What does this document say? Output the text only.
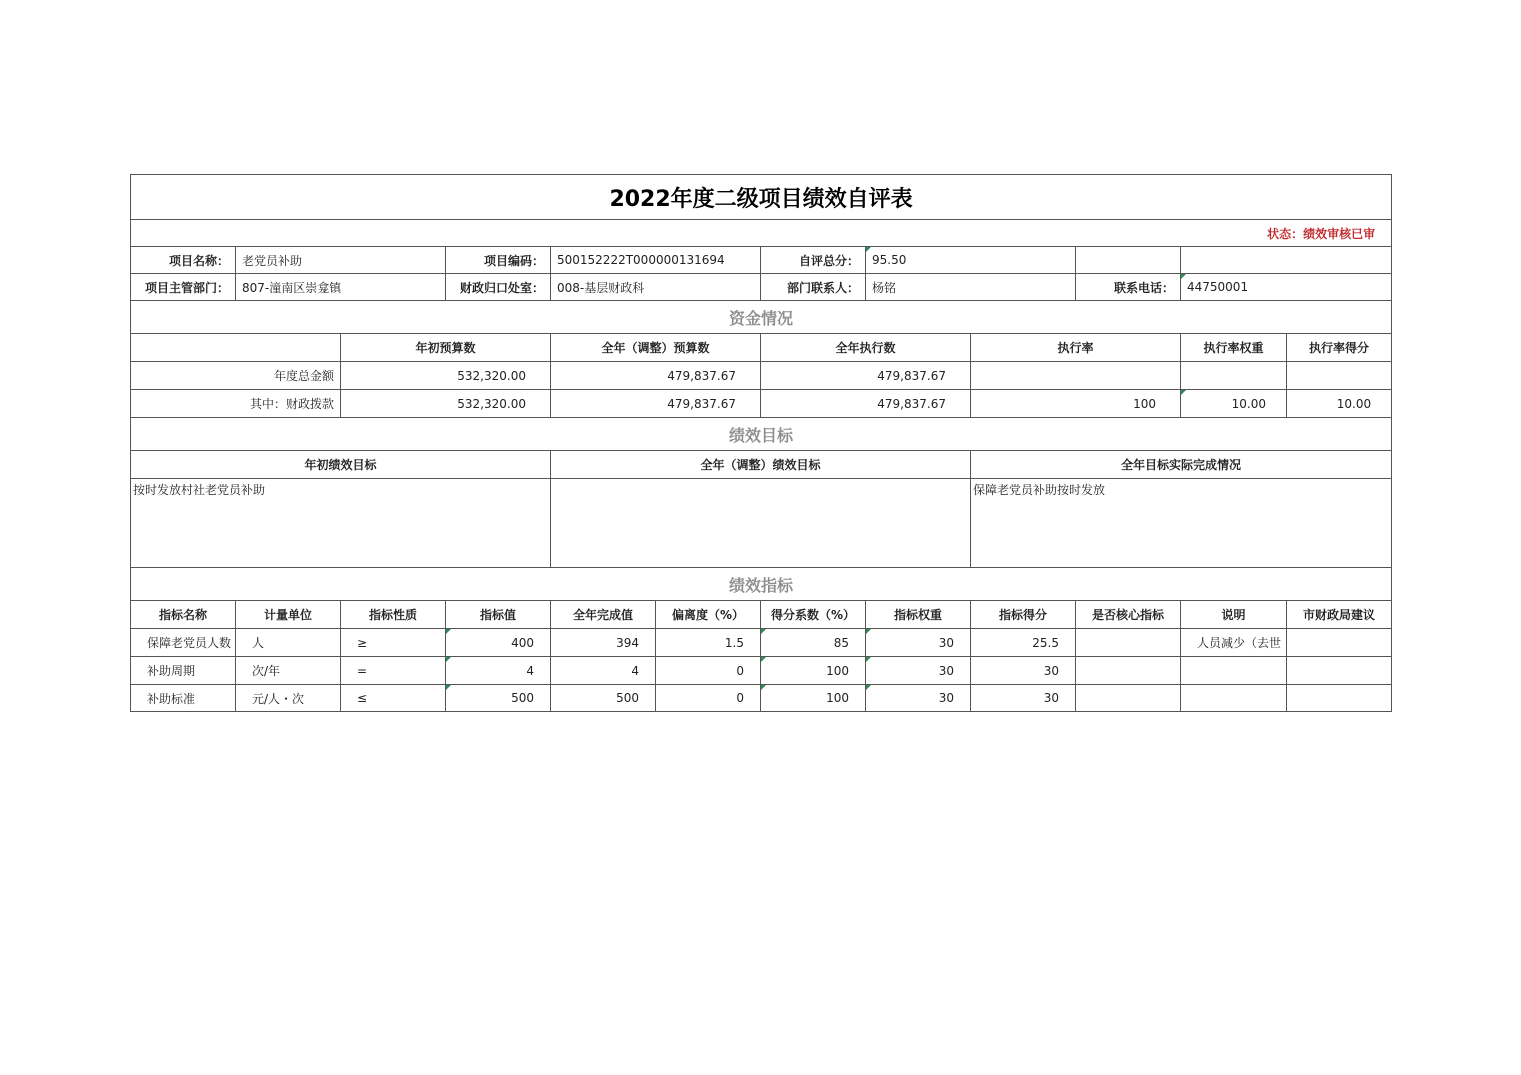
2022年度二级项目绩效自评表											
状态：绩效审核已审											
项目名称：	老党员补助		项目编码：	500152222T000000131694		自评总分：	95.50				
项目主管部门：	807-潼南区崇龛镇		财政归口处室：	008-基层财政科		部门联系人：	杨铭		联系电话：	44750001	
资金情况											
		年初预算数		全年（调整）预算数		全年执行数		执行率		执行率权重	执行率得分
年度总金额		532,320.00		479,837.67		479,837.67					
其中：财政拨款		532,320.00		479,837.67		479,837.67		100		10.00	10.00
绩效目标											
年初绩效目标				全年（调整）绩效目标				全年目标实际完成情况			
按时发放村社老党员补助								保障老党员补助按时发放			
绩效指标											
指标名称	计量单位	指标性质	指标值	全年完成值	偏离度（%）	得分系数（%）	指标权重	指标得分	是否核心指标	说明	市财政局建议
保障老党员人数	人	≥	400	394	1.5	85	30	25.5		人员减少（去世	
补助周期	次/年	=	4	4	0	100	30	30			
补助标准	元/人・次	≤	500	500	0	100	30	30			
